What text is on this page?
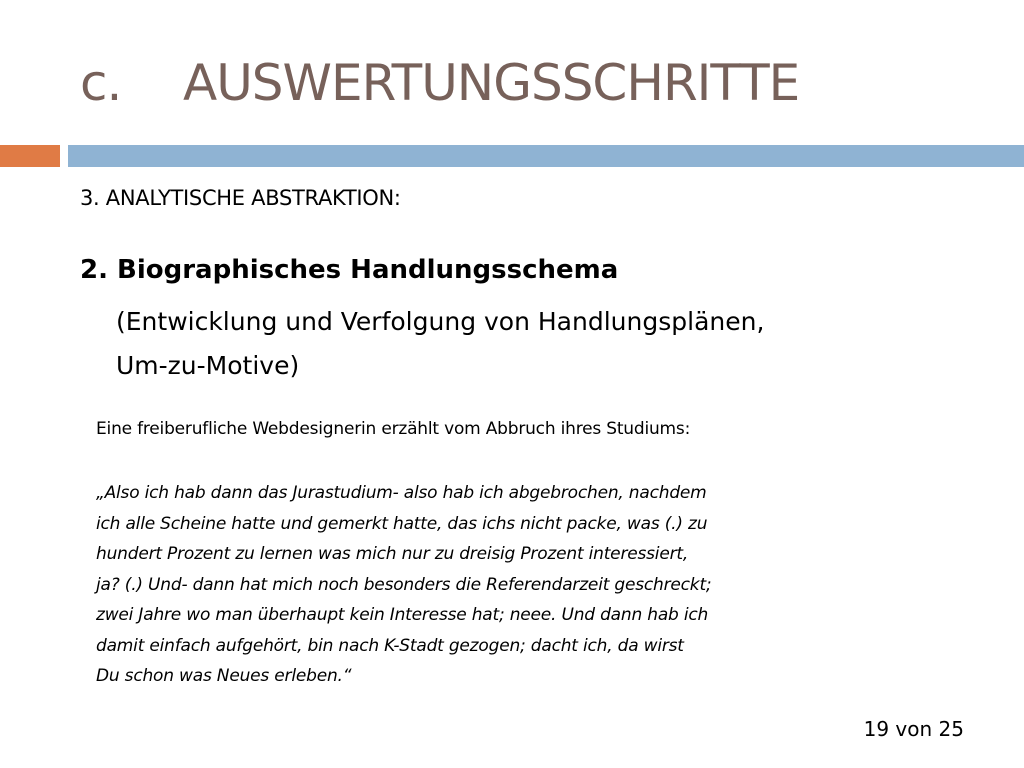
c. AUSWERTUNGSSCHRITTE
3. ANALYTISCHE ABSTRAKTION:
2. Biographisches Handlungsschema
(Entwicklung und Verfolgung von Handlungsplänen,
Um-zu-Motive)
Eine freiberufliche Webdesignerin erzählt vom Abbruch ihres Studiums:
„Also ich hab dann das Jurastudium- also hab ich abgebrochen, nachdem
ich alle Scheine hatte und gemerkt hatte, das ichs nicht packe, was (.) zu
hundert Prozent zu lernen was mich nur zu dreisig Prozent interessiert,
ja? (.) Und- dann hat mich noch besonders die Referendarzeit geschreckt;
zwei Jahre wo man überhaupt kein Interesse hat; neee. Und dann hab ich
damit einfach aufgehört, bin nach K-Stadt gezogen; dacht ich, da wirst
Du schon was Neues erleben.“
19 von 25
